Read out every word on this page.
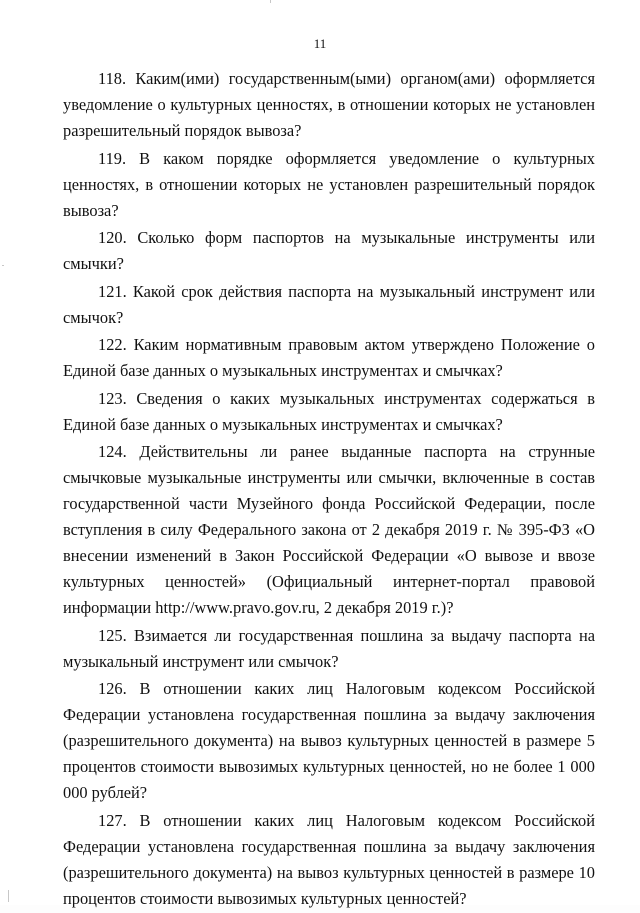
11

118. Каким(ими) государственным(ыми) органом(ами) оформляется уведомление о культурных ценностях, в отношении которых не установлен разрешительный порядок вывоза?

119. В каком порядке оформляется уведомление о культурных ценностях, в отношении которых не установлен разрешительный порядок вывоза?

120. Сколько форм паспортов на музыкальные инструменты или смычки?

121. Какой срок действия паспорта на музыкальный инструмент или смычок?

122. Каким нормативным правовым актом утверждено Положение о Единой базе данных о музыкальных инструментах и смычках?

123. Сведения о каких музыкальных инструментах содержаться в Единой базе данных о музыкальных инструментах и смычках?

124. Действительны ли ранее выданные паспорта на струнные смычковые музыкальные инструменты или смычки, включенные в состав государственной части Музейного фонда Российской Федерации, после вступления в силу Федерального закона от 2 декабря 2019 г. № 395-ФЗ «О внесении изменений в Закон Российской Федерации «О вывозе и ввозе культурных ценностей» (Официальный интернет-портал правовой информации http://www.pravo.gov.ru, 2 декабря 2019 г.)?

125. Взимается ли государственная пошлина за выдачу паспорта на музыкальный инструмент или смычок?

126. В отношении каких лиц Налоговым кодексом Российской Федерации установлена государственная пошлина за выдачу заключения (разрешительного документа) на вывоз культурных ценностей в размере 5 процентов стоимости вывозимых культурных ценностей, но не более 1 000 000 рублей?

127. В отношении каких лиц Налоговым кодексом Российской Федерации установлена государственная пошлина за выдачу заключения (разрешительного документа) на вывоз культурных ценностей в размере 10 процентов стоимости вывозимых культурных ценностей?
